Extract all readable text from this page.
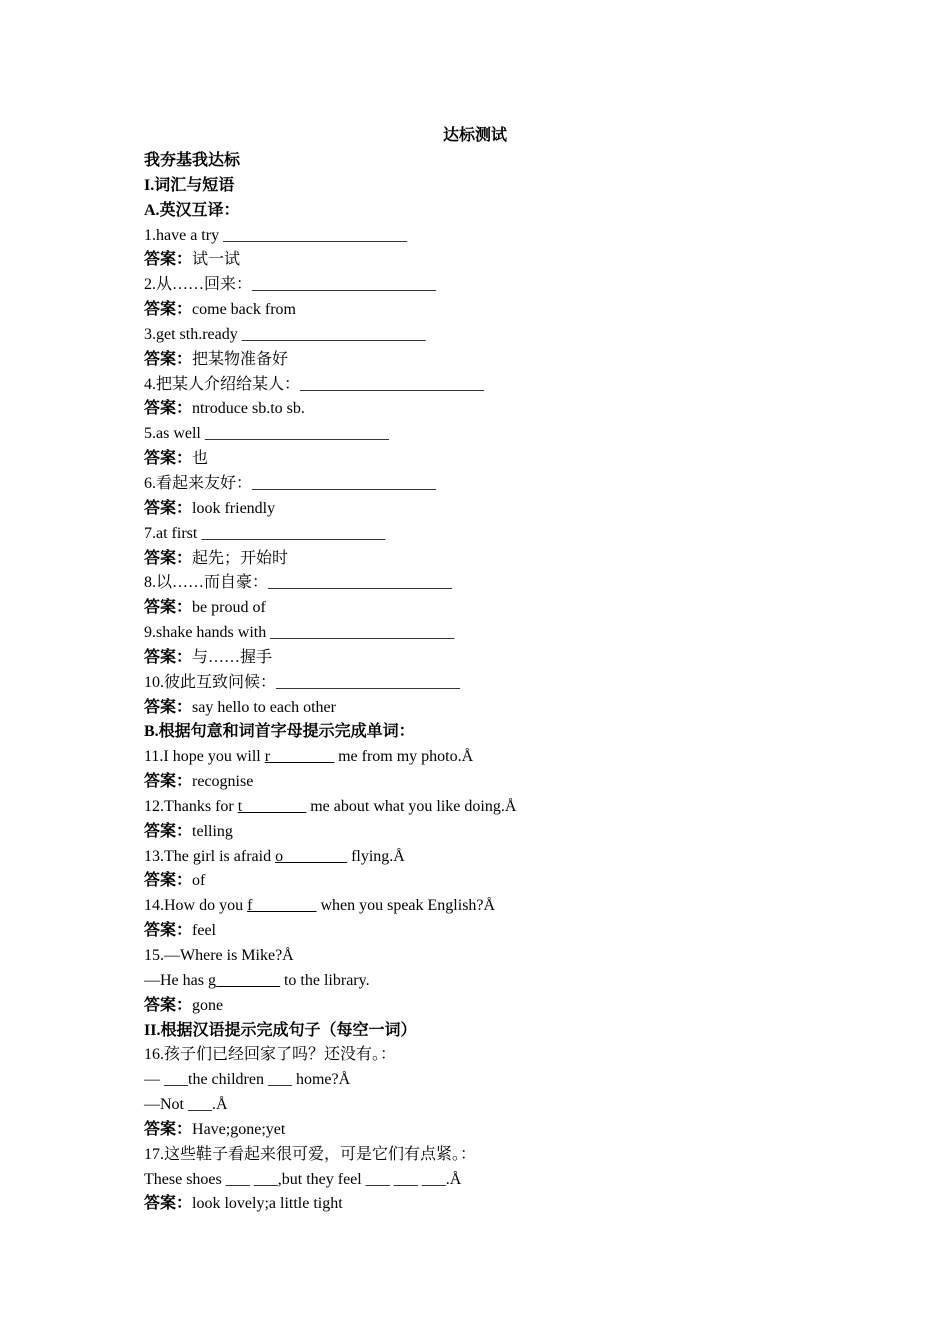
达标测试
我夯基我达标
I.词汇与短语
A.英汉互译：
1.have a try _______________________
答案：试一试
2.从……回来：_______________________
答案：come back from
3.get sth.ready _______________________
答案：把某物准备好
4.把某人介绍给某人：_______________________
答案：ntroduce sb.to sb.
5.as well _______________________
答案：也
6.看起来友好：_______________________
答案：look friendly
7.at first _______________________
答案：起先；开始时
8.以……而自豪：_______________________
答案：be proud of
9.shake hands with _______________________
答案：与……握手
10.彼此互致问候：_______________________
答案：say hello to each other
B.根据句意和词首字母提示完成单词：
11.I hope you will r________ me from my photo.Å
答案：recognise
12.Thanks for t________ me about what you like doing.Å
答案：telling
13.The girl is afraid o________ flying.Å
答案：of
14.How do you f________ when you speak English?Å
答案：feel
15.—Where is Mike?Å
—He has g________ to the library.
答案：gone
II.根据汉语提示完成句子（每空一词）
16.孩子们已经回家了吗？还没有。：
— ___the children ___ home?Å
—Not ___.Å
答案：Have;gone;yet
17.这些鞋子看起来很可爱，可是它们有点紧。：
These shoes ___ ___,but they feel ___ ___ ___.Å
答案：look lovely;a little tight
